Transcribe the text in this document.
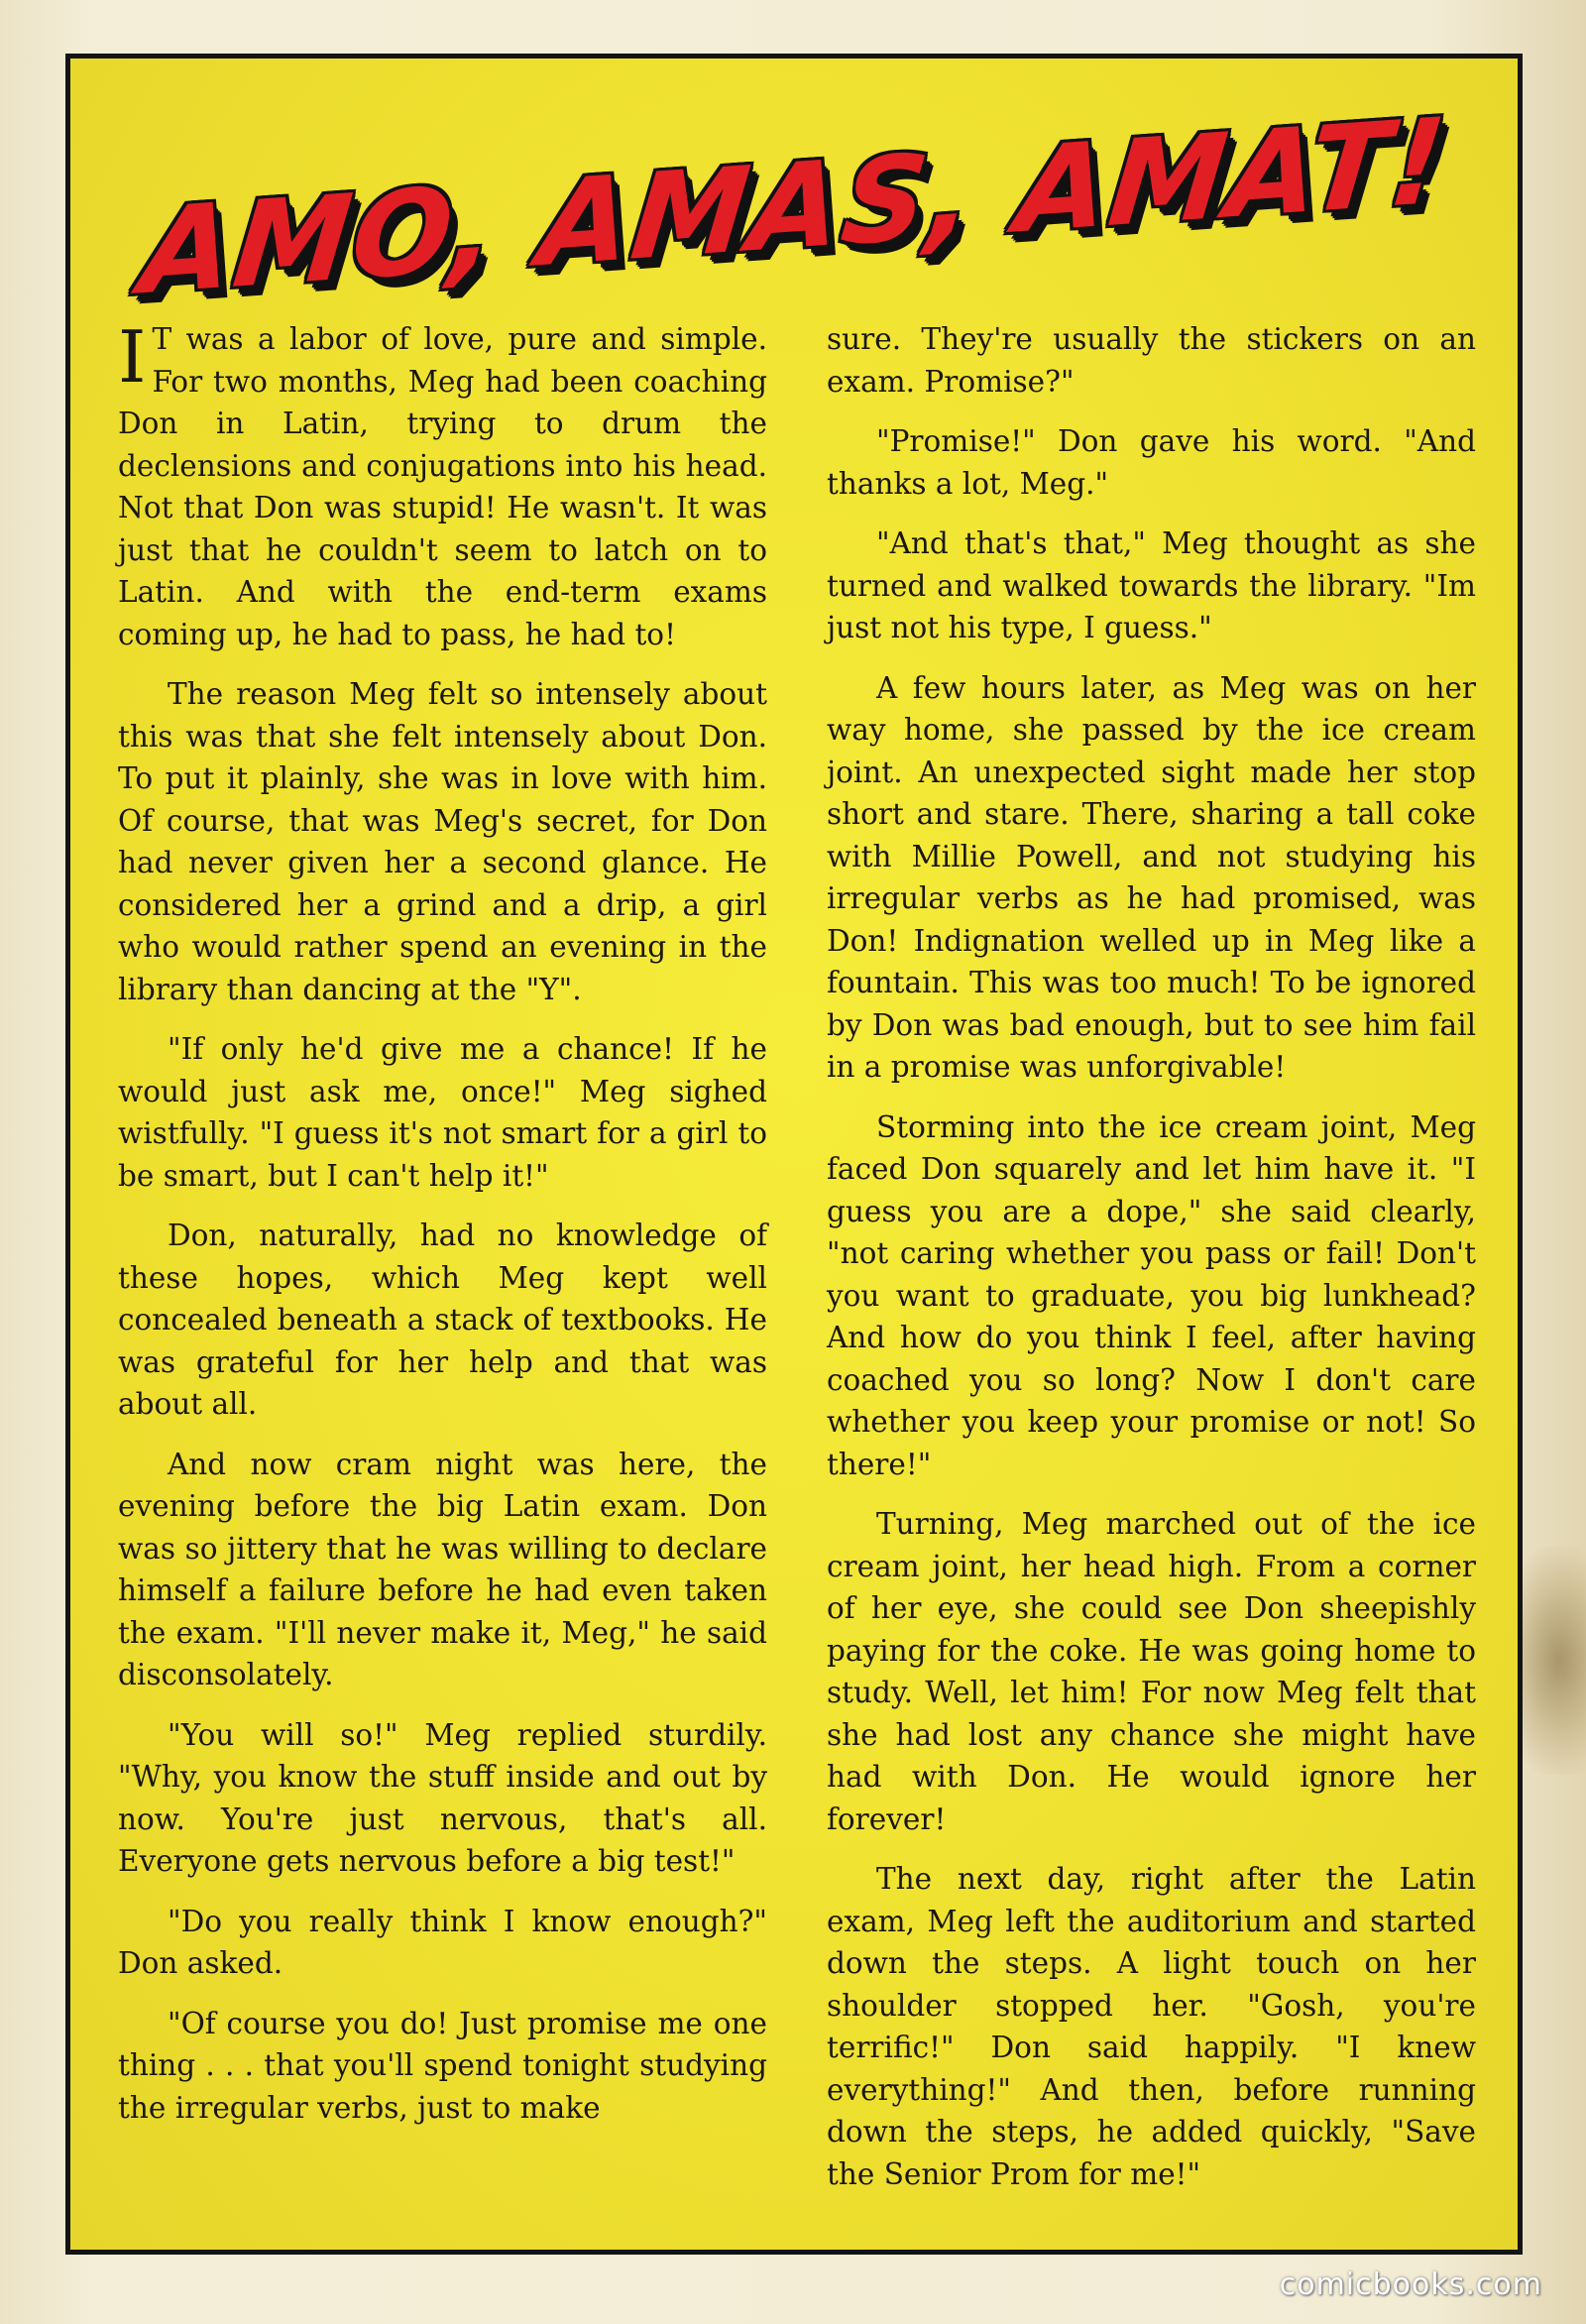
AMO, AMAS, AMAT!

I T was a labor of love, pure and simple. For two months, Meg had been coaching Don in Latin, trying to drum the declensions and conjugations into his head. Not that Don was stupid! He wasn't. It was just that he couldn't seem to latch on to Latin. And with the end-term exams coming up, he had to pass, he had to!

The reason Meg felt so intensely about this was that she felt intensely about Don. To put it plainly, she was in love with him. Of course, that was Meg's secret, for Don had never given her a second glance. He considered her a grind and a drip, a girl who would rather spend an evening in the library than dancing at the "Y".

"If only he'd give me a chance! If he would just ask me, once!" Meg sighed wistfully. "I guess it's not smart for a girl to be smart, but I can't help it!"

Don, naturally, had no knowledge of these hopes, which Meg kept well concealed beneath a stack of textbooks. He was grateful for her help and that was about all.

And now cram night was here, the evening before the big Latin exam. Don was so jittery that he was willing to declare himself a failure before he had even taken the exam. "I'll never make it, Meg," he said disconsolately.

"You will so!" Meg replied sturdily. "Why, you know the stuff inside and out by now. You're just nervous, that's all. Everyone gets nervous before a big test!"

"Do you really think I know enough?" Don asked.

"Of course you do! Just promise me one thing . . . that you'll spend tonight studying the irregular verbs, just to make

sure. They're usually the stickers on an exam. Promise?"

"Promise!" Don gave his word. "And thanks a lot, Meg."

"And that's that," Meg thought as she turned and walked towards the library. "Im just not his type, I guess."

A few hours later, as Meg was on her way home, she passed by the ice cream joint. An unexpected sight made her stop short and stare. There, sharing a tall coke with Millie Powell, and not studying his irregular verbs as he had promised, was Don! Indignation welled up in Meg like a fountain. This was too much! To be ignored by Don was bad enough, but to see him fail in a promise was unforgivable!

Storming into the ice cream joint, Meg faced Don squarely and let him have it. "I guess you are a dope," she said clearly, "not caring whether you pass or fail! Don't you want to graduate, you big lunkhead? And how do you think I feel, after having coached you so long? Now I don't care whether you keep your promise or not! So there!"

Turning, Meg marched out of the ice cream joint, her head high. From a corner of her eye, she could see Don sheepishly paying for the coke. He was going home to study. Well, let him! For now Meg felt that she had lost any chance she might have had with Don. He would ignore her forever!

The next day, right after the Latin exam, Meg left the auditorium and started down the steps. A light touch on her shoulder stopped her. "Gosh, you're terrific!" Don said happily. "I knew everything!" And then, before running down the steps, he added quickly, "Save the Senior Prom for me!"

comicbooks.com
